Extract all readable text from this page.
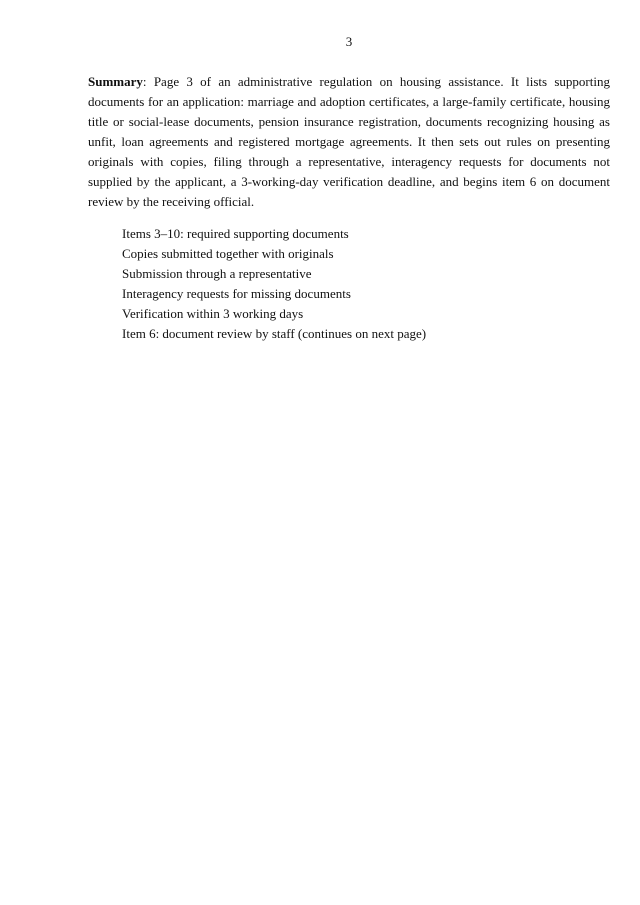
3
Summary: Page 3 of an administrative regulation on housing assistance. It lists supporting documents for an application: marriage and adoption certificates, a large-family certificate, housing title or social-lease documents, pension insurance registration, documents recognizing housing as unfit, loan agreements and registered mortgage agreements. It then sets out rules on presenting originals with copies, filing through a representative, interagency requests for documents not supplied by the applicant, a 3-working-day verification deadline, and begins item 6 on document review by the receiving official.
Items 3–10: required supporting documents
Copies submitted together with originals
Submission through a representative
Interagency requests for missing documents
Verification within 3 working days
Item 6: document review by staff (continues on next page)
